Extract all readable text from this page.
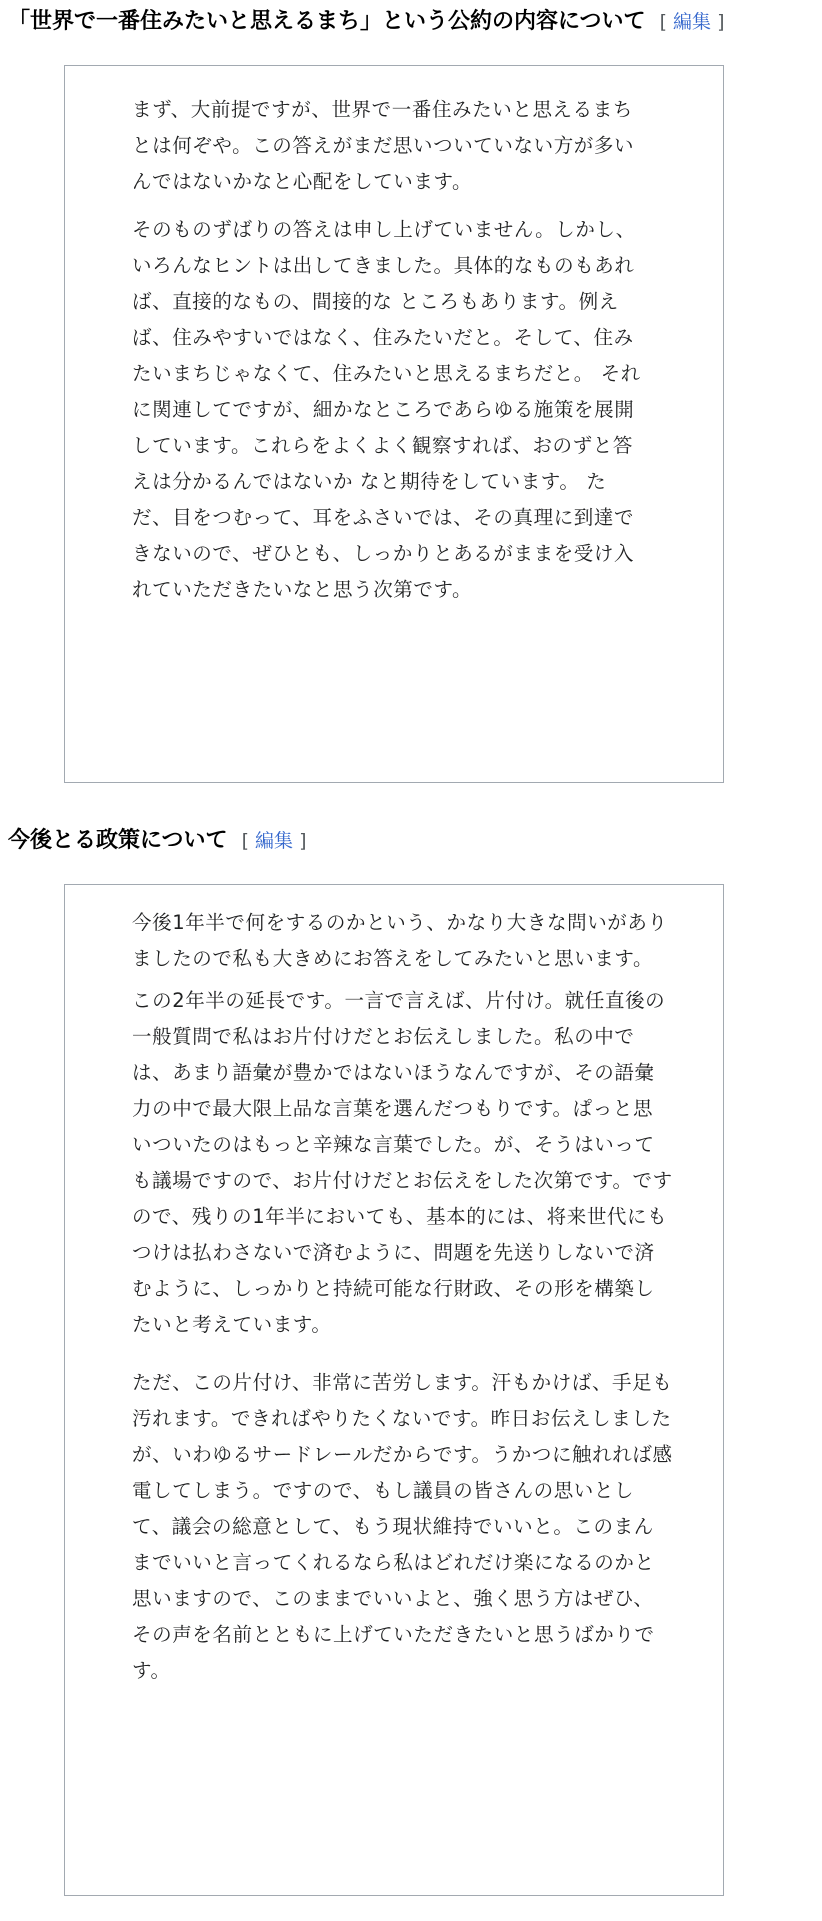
「世界で一番住みたいと思えるまち」という公約の内容について [ 編集 ]

まず、大前提ですが、世界で一番住みたいと思えるまちとは何ぞや。この答えがまだ思いついていない方が多いんではないかなと心配をしています。

そのものずばりの答えは申し上げていません。しかし、いろんなヒントは出してきました。具体的なものもあれば、直接的なもの、間接的な ところもあります。例えば、住みやすいではなく、住みたいだと。そして、住みたいまちじゃなくて、住みたいと思えるまちだと。 それに関連してですが、細かなところであらゆる施策を展開しています。これらをよくよく観察すれば、おのずと答えは分かるんではないか なと期待をしています。 ただ、目をつむって、耳をふさいでは、その真理に到達できないので、ぜひとも、しっかりとあるがままを受け入れていただきたいなと思う次第です。

今後とる政策について [ 編集 ]

今後1年半で何をするのかという、かなり大きな問いがありましたので私も大きめにお答えをしてみたいと思います。

この2年半の延長です。一言で言えば、片付け。就任直後の一般質問で私はお片付けだとお伝えしました。私の中では、あまり語彙が豊かではないほうなんですが、その語彙力の中で最大限上品な言葉を選んだつもりです。ぱっと思いついたのはもっと辛辣な言葉でした。が、そうはいっても議場ですので、お片付けだとお伝えをした次第です。ですので、残りの1年半においても、基本的には、将来世代にもつけは払わさないで済むように、問題を先送りしないで済むように、しっかりと持続可能な行財政、その形を構築したいと考えています。

ただ、この片付け、非常に苦労します。汗もかけば、手足も汚れます。できればやりたくないです。昨日お伝えしましたが、いわゆるサードレールだからです。うかつに触れれば感電してしまう。ですので、もし議員の皆さんの思いとして、議会の総意として、もう現状維持でいいと。このまんまでいいと言ってくれるなら私はどれだけ楽になるのかと思いますので、このままでいいよと、強く思う方はぜひ、その声を名前とともに上げていただきたいと思うばかりです。
